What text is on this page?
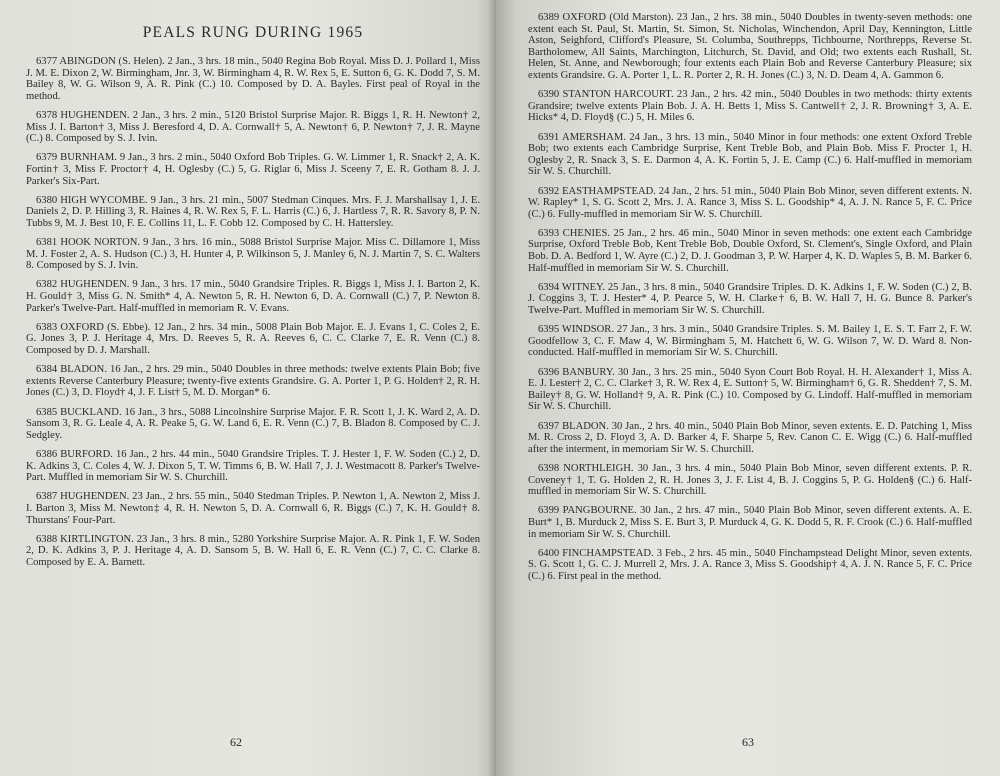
PEALS RUNG DURING 1965

6377 ABINGDON (S. Helen). 2 Jan., 3 hrs. 18 min., 5040 Regina Bob Royal. Miss D. J. Pollard 1, Miss J. M. E. Dixon 2, W. Birmingham, Jnr. 3, W. Birmingham 4, R. W. Rex 5, E. Sutton 6, G. K. Dodd 7, S. M. Bailey 8, W. G. Wilson 9, A. R. Pink (C.) 10. Composed by D. A. Bayles. First peal of Royal in the method.

6378 HUGHENDEN. 2 Jan., 3 hrs. 2 min., 5120 Bristol Surprise Major. R. Biggs 1, R. H. Newton† 2, Miss J. I. Barton† 3, Miss J. Beresford 4, D. A. Cornwall† 5, A. Newton† 6, P. Newton† 7, J. R. Mayne (C.) 8. Composed by S. J. Ivin.

6379 BURNHAM. 9 Jan., 3 hrs. 2 min., 5040 Oxford Bob Triples. G. W. Limmer 1, R. Snack† 2, A. K. Fortin† 3, Miss F. Proctor† 4, H. Oglesby (C.) 5, G. Riglar 6, Miss J. Sceeny 7, E. R. Gotham 8. J. J. Parker's Six-Part.

6380 HIGH WYCOMBE. 9 Jan., 3 hrs. 21 min., 5007 Stedman Cinques. Mrs. F. J. Marshallsay 1, J. E. Daniels 2, D. P. Hilling 3, R. Haines 4, R. W. Rex 5, F. L. Harris (C.) 6, J. Hartless 7, R. R. Savory 8, P. N. Tubbs 9, M. J. Best 10, F. E. Collins 11, L. F. Cobb 12. Composed by C. H. Hattersley.

6381 HOOK NORTON. 9 Jan., 3 hrs. 16 min., 5088 Bristol Surprise Major. Miss C. Dillamore 1, Miss M. J. Foster 2, A. S. Hudson (C.) 3, H. Hunter 4, P. Wilkinson 5, J. Manley 6, N. J. Martin 7, S. C. Walters 8. Composed by S. J. Ivin.

6382 HUGHENDEN. 9 Jan., 3 hrs. 17 min., 5040 Grandsire Triples. R. Biggs 1, Miss J. I. Barton 2, K. H. Gould† 3, Miss G. N. Smith* 4, A. Newton 5, R. H. Newton 6, D. A. Cornwall (C.) 7, P. Newton 8. Parker's Twelve-Part. Half-muffled in memoriam R. V. Evans.

6383 OXFORD (S. Ebbe). 12 Jan., 2 hrs. 34 min., 5008 Plain Bob Major. E. J. Evans 1, C. Coles 2, E. G. Jones 3, P. J. Heritage 4, Mrs. D. Reeves 5, R. A. Reeves 6, C. C. Clarke 7, E. R. Venn (C.) 8. Composed by D. J. Marshall.

6384 BLADON. 16 Jan., 2 hrs. 29 min., 5040 Doubles in three methods: twelve extents Plain Bob; five extents Reverse Canterbury Pleasure; twenty-five extents Grandsire. G. A. Porter 1, P. G. Holden† 2, R. H. Jones (C.) 3, D. Floyd† 4, J. F. List† 5, M. D. Morgan* 6.

6385 BUCKLAND. 16 Jan., 3 hrs., 5088 Lincolnshire Surprise Major. F. R. Scott 1, J. K. Ward 2, A. D. Sansom 3, R. G. Leale 4, A. R. Peake 5, G. W. Land 6, E. R. Venn (C.) 7, B. Bladon 8. Composed by C. J. Sedgley.

6386 BURFORD. 16 Jan., 2 hrs. 44 min., 5040 Grandsire Triples. T. J. Hester 1, F. W. Soden (C.) 2, D. K. Adkins 3, C. Coles 4, W. J. Dixon 5, T. W. Timms 6, B. W. Hall 7, J. J. Westmacott 8. Parker's Twelve-Part. Muffled in memoriam Sir W. S. Churchill.

6387 HUGHENDEN. 23 Jan., 2 hrs. 55 min., 5040 Stedman Triples. P. Newton 1, A. Newton 2, Miss J. I. Barton 3, Miss M. Newton‡ 4, R. H. Newton 5, D. A. Cornwall 6, R. Biggs (C.) 7, K. H. Gould† 8. Thurstans' Four-Part.

6388 KIRTLINGTON. 23 Jan., 3 hrs. 8 min., 5280 Yorkshire Surprise Major. A. R. Pink 1, F. W. Soden 2, D. K. Adkins 3, P. J. Heritage 4, A. D. Sansom 5, B. W. Hall 6, E. R. Venn (C.) 7, C. C. Clarke 8. Composed by E. A. Barnett.

62

6389 OXFORD (Old Marston). 23 Jan., 2 hrs. 38 min., 5040 Doubles in twenty-seven methods: one extent each St. Paul, St. Martin, St. Simon, St. Nicholas, Winchendon, April Day, Kennington, Little Aston, Seighford, Clifford's Pleasure, St. Columba, Southrepps, Tichbourne, Northrepps, Reverse St. Bartholomew, All Saints, Marchington, Litchurch, St. David, and Old; two extents each Rushall, St. Helen, St. Anne, and Newborough; four extents each Plain Bob and Reverse Canterbury Pleasure; six extents Grandsire. G. A. Porter 1, L. R. Porter 2, R. H. Jones (C.) 3, N. D. Deam 4, A. Gammon 6.

6390 STANTON HARCOURT. 23 Jan., 2 hrs. 42 min., 5040 Doubles in two methods: thirty extents Grandsire; twelve extents Plain Bob. J. A. H. Betts 1, Miss S. Cantwell† 2, J. R. Browning† 3, A. E. Hicks* 4, D. Floyd§ (C.) 5, H. Miles 6.

6391 AMERSHAM. 24 Jan., 3 hrs. 13 min., 5040 Minor in four methods: one extent Oxford Treble Bob; two extents each Cambridge Surprise, Kent Treble Bob, and Plain Bob. Miss F. Procter 1, H. Oglesby 2, R. Snack 3, S. E. Darmon 4, A. K. Fortin 5, J. E. Camp (C.) 6. Half-muffled in memoriam Sir W. S. Churchill.

6392 EASTHAMPSTEAD. 24 Jan., 2 hrs. 51 min., 5040 Plain Bob Minor, seven different extents. N. W. Rapley* 1, S. G. Scott 2, Mrs. J. A. Rance 3, Miss S. L. Goodship* 4, A. J. N. Rance 5, F. C. Price (C.) 6. Fully-muffled in memoriam Sir W. S. Churchill.

6393 CHENIES. 25 Jan., 2 hrs. 46 min., 5040 Minor in seven methods: one extent each Cambridge Surprise, Oxford Treble Bob, Kent Treble Bob, Double Oxford, St. Clement's, Single Oxford, and Plain Bob. D. A. Bedford 1, W. Ayre (C.) 2, D. J. Goodman 3, P. W. Harper 4, K. D. Waples 5, B. M. Barker 6. Half-muffled in memoriam Sir W. S. Churchill.

6394 WITNEY. 25 Jan., 3 hrs. 8 min., 5040 Grandsire Triples. D. K. Adkins 1, F. W. Soden (C.) 2, B. J. Coggins 3, T. J. Hester* 4, P. Pearce 5, W. H. Clarke† 6, B. W. Hall 7, H. G. Bunce 8. Parker's Twelve-Part. Muffled in memoriam Sir W. S. Churchill.

6395 WINDSOR. 27 Jan., 3 hrs. 3 min., 5040 Grandsire Triples. S. M. Bailey 1, E. S. T. Farr 2, F. W. Goodfellow 3, C. F. Maw 4, W. Birmingham 5, M. Hatchett 6, W. G. Wilson 7, W. D. Ward 8. Non-conducted. Half-muffled in memoriam Sir W. S. Churchill.

6396 BANBURY. 30 Jan., 3 hrs. 25 min., 5040 Syon Court Bob Royal. H. H. Alexander† 1, Miss A. E. J. Lester† 2, C. C. Clarke† 3, R. W. Rex 4, E. Sutton† 5, W. Birmingham† 6, G. R. Shedden† 7, S. M. Bailey† 8, G. W. Holland† 9, A. R. Pink (C.) 10. Composed by G. Lindoff. Half-muffled in memoriam Sir W. S. Churchill.

6397 BLADON. 30 Jan., 2 hrs. 40 min., 5040 Plain Bob Minor, seven extents. E. D. Patching 1, Miss M. R. Cross 2, D. Floyd 3, A. D. Barker 4, F. Sharpe 5, Rev. Canon C. E. Wigg (C.) 6. Half-muffled after the interment, in memoriam Sir W. S. Churchill.

6398 NORTHLEIGH. 30 Jan., 3 hrs. 4 min., 5040 Plain Bob Minor, seven different extents. P. R. Coveney† 1, T. G. Holden 2, R. H. Jones 3, J. F. List 4, B. J. Coggins 5, P. G. Holden§ (C.) 6. Half-muffled in memoriam Sir W. S. Churchill.

6399 PANGBOURNE. 30 Jan., 2 hrs. 47 min., 5040 Plain Bob Minor, seven different extents. A. E. Burt* 1, B. Murduck 2, Miss S. E. Burt 3, P. Murduck 4, G. K. Dodd 5, R. F. Crook (C.) 6. Half-muffled in memoriam Sir W. S. Churchill.

6400 FINCHAMPSTEAD. 3 Feb., 2 hrs. 45 min., 5040 Finchampstead Delight Minor, seven extents. S. G. Scott 1, G. C. J. Murrell 2, Mrs. J. A. Rance 3, Miss S. Goodship† 4, A. J. N. Rance 5, F. C. Price (C.) 6. First peal in the method.

63
